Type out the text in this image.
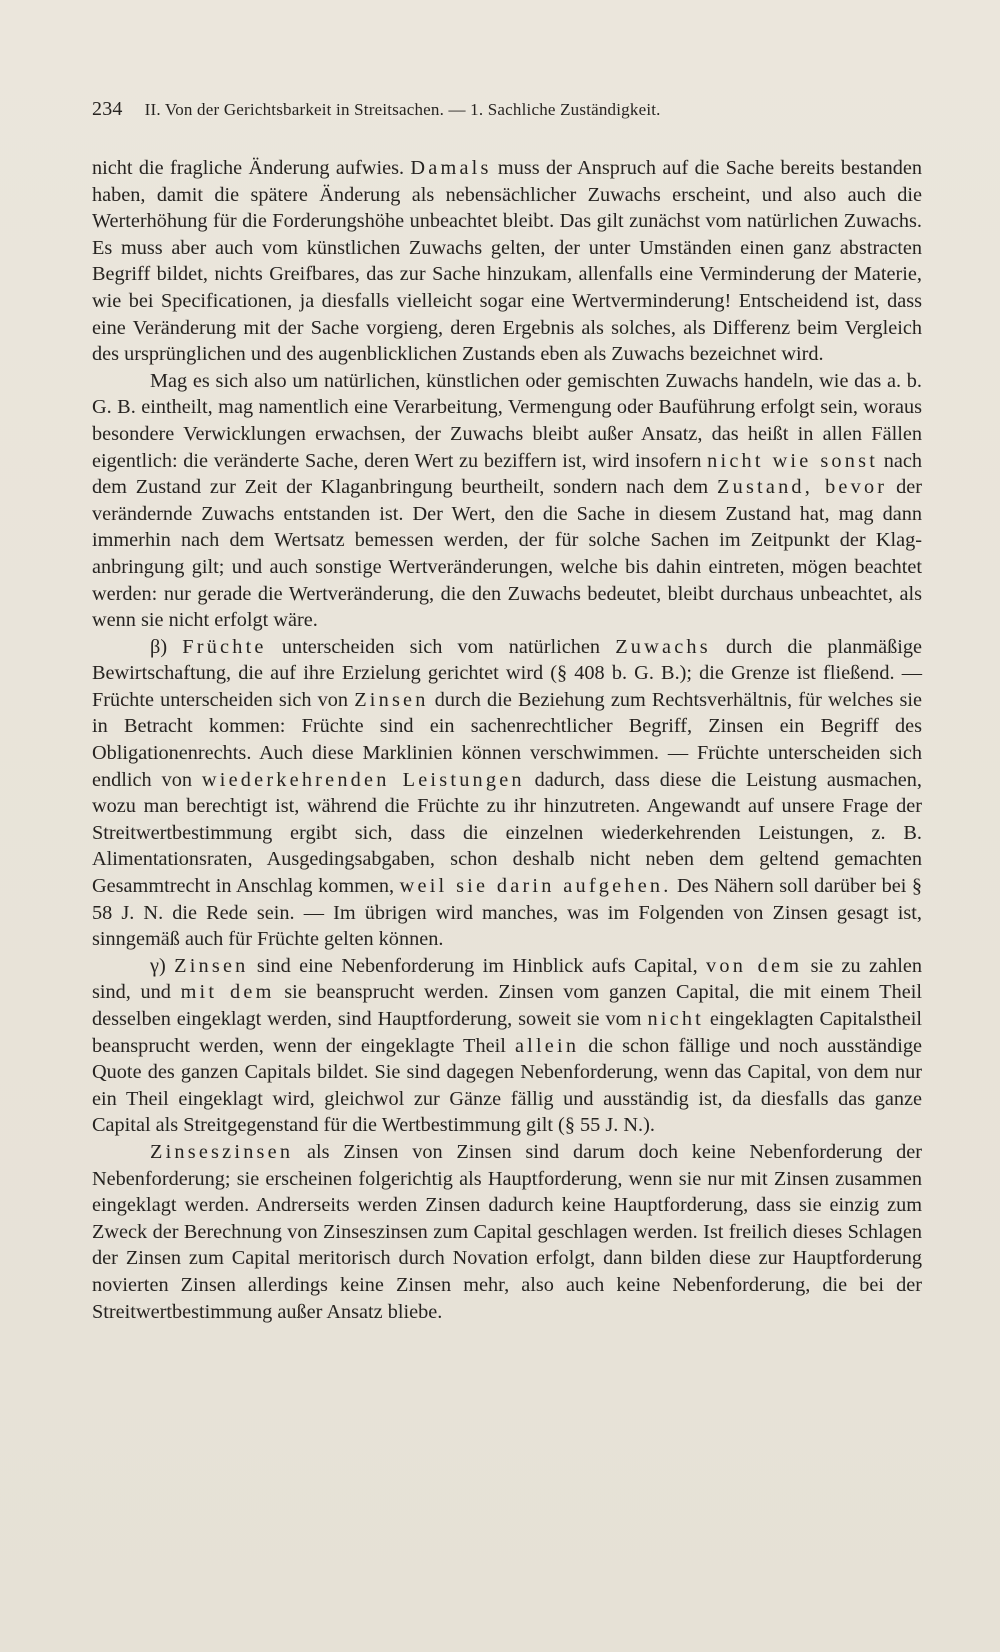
234 II. Von der Gerichtsbarkeit in Streitsachen. — 1. Sachliche Zuständigkeit.

nicht die fragliche Änderung aufwies. Damals muss der Anspruch auf die Sache bereits bestanden haben, damit die spätere Änderung als nebensächlicher Zuwachs erscheint, und also auch die Werterhöhung für die Forderungshöhe unbeachtet bleibt. Das gilt zunächst vom natürlichen Zuwachs. Es muss aber auch vom künstlichen Zuwachs gelten, der unter Umständen einen ganz abstracten Begriff bildet, nichts Greifbares, das zur Sache hinzukam, allenfalls eine Verminderung der Materie, wie bei Specificationen, ja diesfalls vielleicht sogar eine Wertverminderung! Entscheidend ist, dass eine Veränderung mit der Sache vorgieng, deren Ergebnis als solches, als Differenz beim Vergleich des ursprünglichen und des augenblicklichen Zustands eben als Zuwachs bezeichnet wird.

Mag es sich also um natürlichen, künstlichen oder gemischten Zuwachs handeln, wie das a. b. G. B. eintheilt, mag namentlich eine Verarbeitung, Vermengung oder Bauführung erfolgt sein, woraus besondere Verwicklungen erwachsen, der Zuwachs bleibt außer Ansatz, das heißt in allen Fällen eigentlich: die veränderte Sache, deren Wert zu beziffern ist, wird insofern nicht wie sonst nach dem Zustand zur Zeit der Klaganbringung beurtheilt, sondern nach dem Zustand, bevor der verändernde Zuwachs entstanden ist. Der Wert, den die Sache in diesem Zustand hat, mag dann immerhin nach dem Wertsatz bemessen werden, der für solche Sachen im Zeitpunkt der Klaganbringung gilt; und auch sonstige Wertveränderungen, welche bis dahin eintreten, mögen beachtet werden: nur gerade die Wertveränderung, die den Zuwachs bedeutet, bleibt durchaus unbeachtet, als wenn sie nicht erfolgt wäre.

β) Früchte unterscheiden sich vom natürlichen Zuwachs durch die planmäßige Bewirtschaftung, die auf ihre Erzielung gerichtet wird (§ 408 b. G. B.); die Grenze ist fließend. — Früchte unterscheiden sich von Zinsen durch die Beziehung zum Rechtsverhältnis, für welches sie in Betracht kommen: Früchte sind ein sachenrechtlicher Begriff, Zinsen ein Begriff des Obligationenrechts. Auch diese Marklinien können verschwimmen. — Früchte unterscheiden sich endlich von wiederkehrenden Leistungen dadurch, dass diese die Leistung ausmachen, wozu man berechtigt ist, während die Früchte zu ihr hinzutreten. Angewandt auf unsere Frage der Streitwertbestimmung ergibt sich, dass die einzelnen wiederkehrenden Leistungen, z. B. Alimentationsraten, Ausgedingsabgaben, schon deshalb nicht neben dem geltend gemachten Gesammtrecht in Anschlag kommen, weil sie darin aufgehen. Des Nähern soll darüber bei § 58 J. N. die Rede sein. — Im übrigen wird manches, was im Folgenden von Zinsen gesagt ist, sinngemäß auch für Früchte gelten können.

γ) Zinsen sind eine Nebenforderung im Hinblick aufs Capital, von dem sie zu zahlen sind, und mit dem sie beansprucht werden. Zinsen vom ganzen Capital, die mit einem Theil desselben eingeklagt werden, sind Hauptforderung, soweit sie vom nicht eingeklagten Capitalstheil beansprucht werden, wenn der eingeklagte Theil allein die schon fällige und noch ausständige Quote des ganzen Capitals bildet. Sie sind dagegen Nebenforderung, wenn das Capital, von dem nur ein Theil eingeklagt wird, gleichwol zur Gänze fällig und ausständig ist, da diesfalls das ganze Capital als Streitgegenstand für die Wertbestimmung gilt (§ 55 J. N.).

Zinseszinsen als Zinsen von Zinsen sind darum doch keine Nebenforderung der Nebenforderung; sie erscheinen folgerichtig als Hauptforderung, wenn sie nur mit Zinsen zusammen eingeklagt werden. Andrerseits werden Zinsen dadurch keine Hauptforderung, dass sie einzig zum Zweck der Berechnung von Zinseszinsen zum Capital geschlagen werden. Ist freilich dieses Schlagen der Zinsen zum Capital meritorisch durch Novation erfolgt, dann bilden diese zur Hauptforderung novierten Zinsen allerdings keine Zinsen mehr, also auch keine Nebenforderung, die bei der Streitwertbestimmung außer Ansatz bliebe.
